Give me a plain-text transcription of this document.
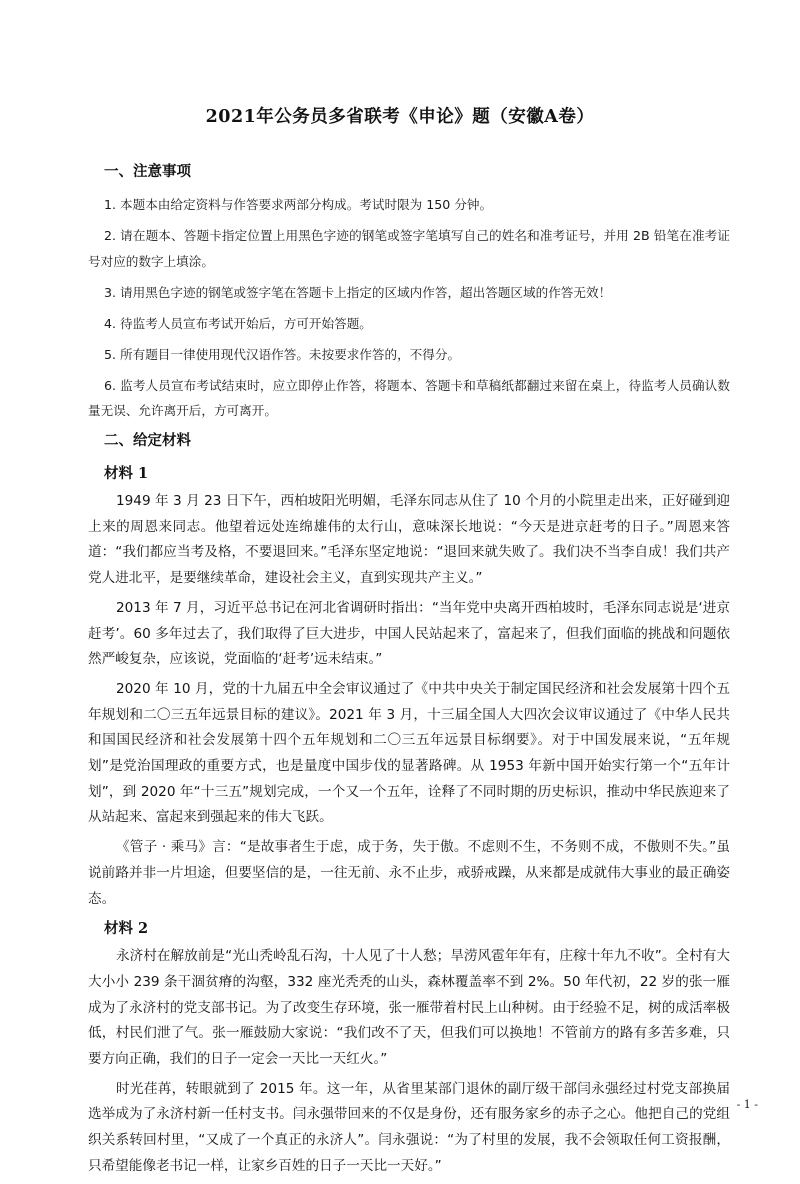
2021年公务员多省联考《申论》题（安徽A卷）
一、注意事项

1. 本题本由给定资料与作答要求两部分构成。考试时限为 150 分钟。

2. 请在题本、答题卡指定位置上用黑色字迹的钢笔或签字笔填写自己的姓名和准考证号，并用 2B 铅笔在准考证号对应的数字上填涂。

3. 请用黑色字迹的钢笔或签字笔在答题卡上指定的区域内作答，超出答题区域的作答无效！

4. 待监考人员宣布考试开始后，方可开始答题。

5. 所有题目一律使用现代汉语作答。未按要求作答的，不得分。

6. 监考人员宣布考试结束时，应立即停止作答，将题本、答题卡和草稿纸都翻过来留在桌上，待监考人员确认数量无误、允许离开后，方可离开。

二、给定材料
材料 1

1949 年 3 月 23 日下午，西柏坡阳光明媚，毛泽东同志从住了 10 个月的小院里走出来，正好碰到迎上来的周恩来同志。他望着远处连绵雄伟的太行山，意味深长地说：“今天是进京赶考的日子。”周恩来答道：“我们都应当考及格，不要退回来。”毛泽东坚定地说：“退回来就失败了。我们决不当李自成！我们共产党人进北平，是要继续革命，建设社会主义，直到实现共产主义。”

2013 年 7 月，习近平总书记在河北省调研时指出：“当年党中央离开西柏坡时，毛泽东同志说是‘进京赶考’。60 多年过去了，我们取得了巨大进步，中国人民站起来了，富起来了，但我们面临的挑战和问题依然严峻复杂，应该说，党面临的‘赶考’远未结束。”

2020 年 10 月，党的十九届五中全会审议通过了《中共中央关于制定国民经济和社会发展第十四个五年规划和二〇三五年远景目标的建议》。2021 年 3 月，十三届全国人大四次会议审议通过了《中华人民共和国国民经济和社会发展第十四个五年规划和二〇三五年远景目标纲要》。对于中国发展来说，“五年规划”是党治国理政的重要方式，也是量度中国步伐的显著路碑。从 1953 年新中国开始实行第一个“五年计划”，到 2020 年“十三五”规划完成，一个又一个五年，诠释了不同时期的历史标识，推动中华民族迎来了从站起来、富起来到强起来的伟大飞跃。

《管子 · 乘马》言：“是故事者生于虑，成于务，失于傲。不虑则不生，不务则不成，不傲则不失。”虽说前路并非一片坦途，但要坚信的是，一往无前、永不止步，戒骄戒躁，从来都是成就伟大事业的最正确姿态。

材料 2

永济村在解放前是“光山秃岭乱石沟，十人见了十人愁；旱涝风雹年年有，庄稼十年九不收”。全村有大大小小 239 条干涸贫瘠的沟壑，332 座光秃秃的山头，森林覆盖率不到 2%。50 年代初，22 岁的张一雁成为了永济村的党支部书记。为了改变生存环境，张一雁带着村民上山种树。由于经验不足，树的成活率极低，村民们泄了气。张一雁鼓励大家说：“我们改不了天，但我们可以换地！不管前方的路有多苦多难，只要方向正确，我们的日子一定会一天比一天红火。”

时光荏苒，转眼就到了 2015 年。这一年，从省里某部门退休的副厅级干部闫永强经过村党支部换届选举成为了永济村新一任村支书。闫永强带回来的不仅是身份，还有服务家乡的赤子之心。他把自己的党组织关系转回村里，“又成了一个真正的永济人”。闫永强说：“为了村里的发展，我不会领取任何工资报酬，只希望能像老书记一样，让家乡百姓的日子一天比一天好。”

- 1 -
